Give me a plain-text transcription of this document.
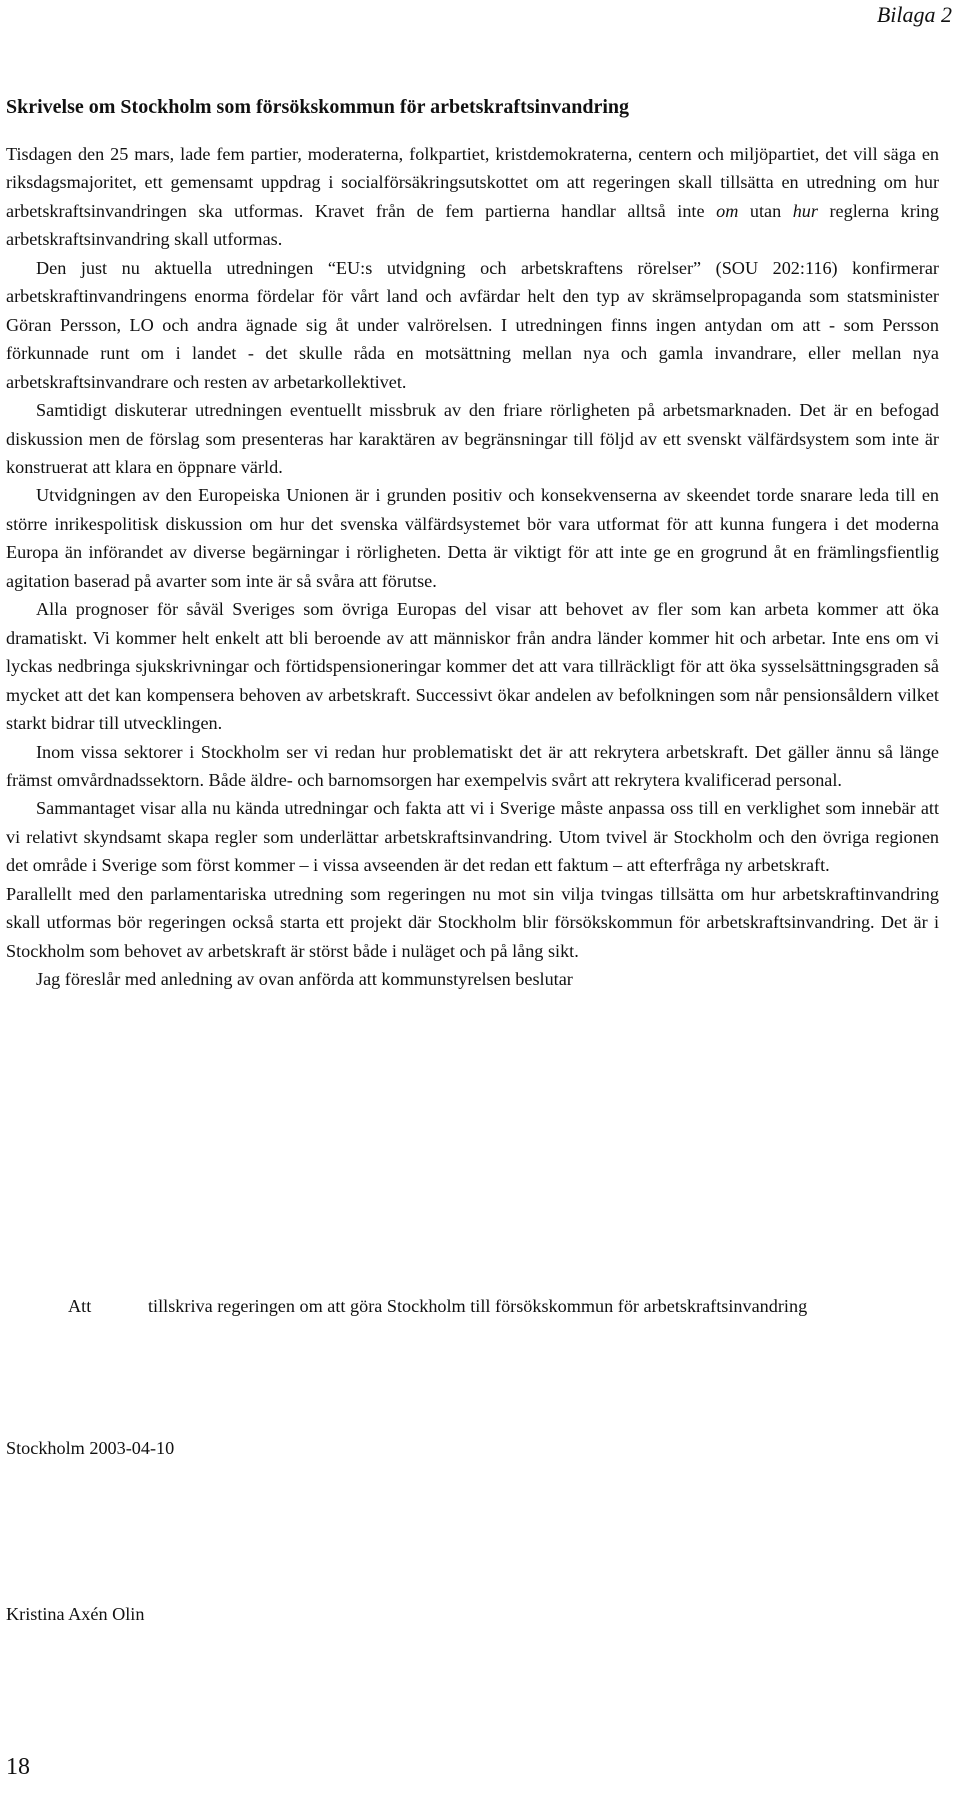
Bilaga 2
Skrivelse om Stockholm som försökskommun för arbetskraftsinvandring

Tisdagen den 25 mars, lade fem partier, moderaterna, folkpartiet, kristdemokraterna, centern och miljöpartiet, det vill säga en riksdagsmajoritet, ett gemensamt uppdrag i socialförsäkringsutskottet om att regeringen skall tillsätta en utredning om hur arbetskraftsinvandringen ska utformas. Kravet från de fem partierna handlar alltså inte om utan hur reglerna kring arbetskraftsinvandring skall utformas.

Den just nu aktuella utredningen “EU:s utvidgning och arbetskraftens rörelser” (SOU 202:116) konfirmerar arbetskraftinvandringens enorma fördelar för vårt land och avfärdar helt den typ av skrämselpropaganda som statsminister Göran Persson, LO och andra ägnade sig åt under valrörelsen. I utredningen finns ingen antydan om att - som Persson förkunnade runt om i landet - det skulle råda en motsättning mellan nya och gamla invandrare, eller mellan nya arbetskraftsinvandrare och resten av arbetarkollektivet.

Samtidigt diskuterar utredningen eventuellt missbruk av den friare rörligheten på arbetsmarknaden. Det är en befogad diskussion men de förslag som presenteras har karaktären av begränsningar till följd av ett svenskt välfärdsystem som inte är konstruerat att klara en öppnare värld.

Utvidgningen av den Europeiska Unionen är i grunden positiv och konsekvenserna av skeendet torde snarare leda till en större inrikespolitisk diskussion om hur det svenska välfärdsystemet bör vara utformat för att kunna fungera i det moderna Europa än införandet av diverse begärningar i rörligheten. Detta är viktigt för att inte ge en grogrund åt en främlingsfientlig agitation baserad på avarter som inte är så svåra att förutse.

Alla prognoser för såväl Sveriges som övriga Europas del visar att behovet av fler som kan arbeta kommer att öka dramatiskt. Vi kommer helt enkelt att bli beroende av att människor från andra länder kommer hit och arbetar. Inte ens om vi lyckas nedbringa sjukskrivningar och förtidspensioneringar kommer det att vara tillräckligt för att öka sysselsättningsgraden så mycket att det kan kompensera behoven av arbetskraft. Successivt ökar andelen av befolkningen som når pensionsåldern vilket starkt bidrar till utvecklingen.

Inom vissa sektorer i Stockholm ser vi redan hur problematiskt det är att rekrytera arbetskraft. Det gäller ännu så länge främst omvårdnadssektorn. Både äldre- och barnomsorgen har exempelvis svårt att rekrytera kvalificerad personal.

Sammantaget visar alla nu kända utredningar och fakta att vi i Sverige måste anpassa oss till en verklighet som innebär att vi relativt skyndsamt skapa regler som underlättar arbetskraftsinvandring. Utom tvivel är Stockholm och den övriga regionen det område i Sverige som först kommer – i vissa avseenden är det redan ett faktum – att efterfråga ny arbetskraft.

Parallellt med den parlamentariska utredning som regeringen nu mot sin vilja tvingas tillsätta om hur arbetskraftinvandring skall utformas bör regeringen också starta ett projekt där Stockholm blir försökskommun för arbetskraftsinvandring. Det är i Stockholm som behovet av arbetskraft är störst både i nuläget och på lång sikt.

Jag föreslår med anledning av ovan anförda att kommunstyrelsen beslutar

Att	tillskriva regeringen om att göra Stockholm till försökskommun för arbetskraftsinvandring
Stockholm 2003-04-10
Kristina Axén Olin
18
